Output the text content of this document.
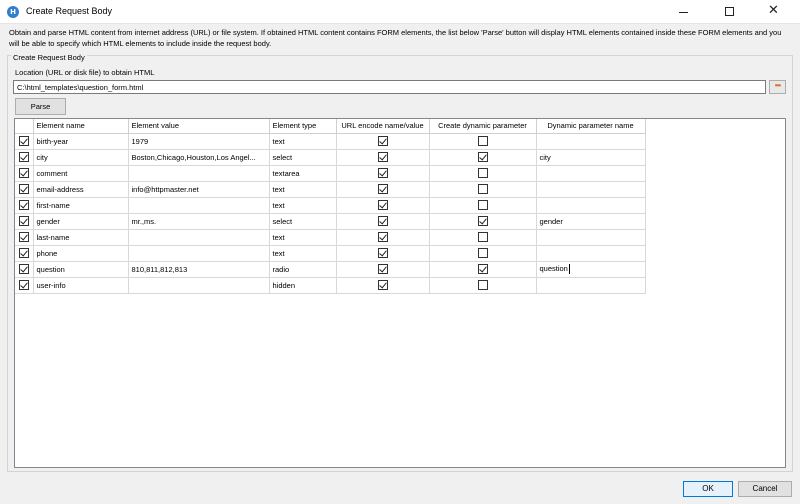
H	Create Request Body	✕
Obtain and parse HTML content from internet address (URL) or file system. If obtained HTML content contains FORM elements, the list below 'Parse' button will display HTML elements contained inside these FORM elements and you will be able to specify which HTML elements to include inside the request body.
Create Request Body
Location (URL or disk file) to obtain HTML
C:\html_templates\question_form.html
•••
Parse
	Element name	Element value	Element type	URL encode name/value	Create dynamic parameter	Dynamic parameter name
	birth-year	1979	text			
	city	Boston,Chicago,Houston,Los Angel...	select			city
	comment		textarea			
	email-address	info@httpmaster.net	text			
	first-name		text			
	gender	mr.,ms.	select			gender
	last-name		text			
	phone		text			
	question	810,811,812,813	radio			question
	user-info		hidden			
OK	Cancel
